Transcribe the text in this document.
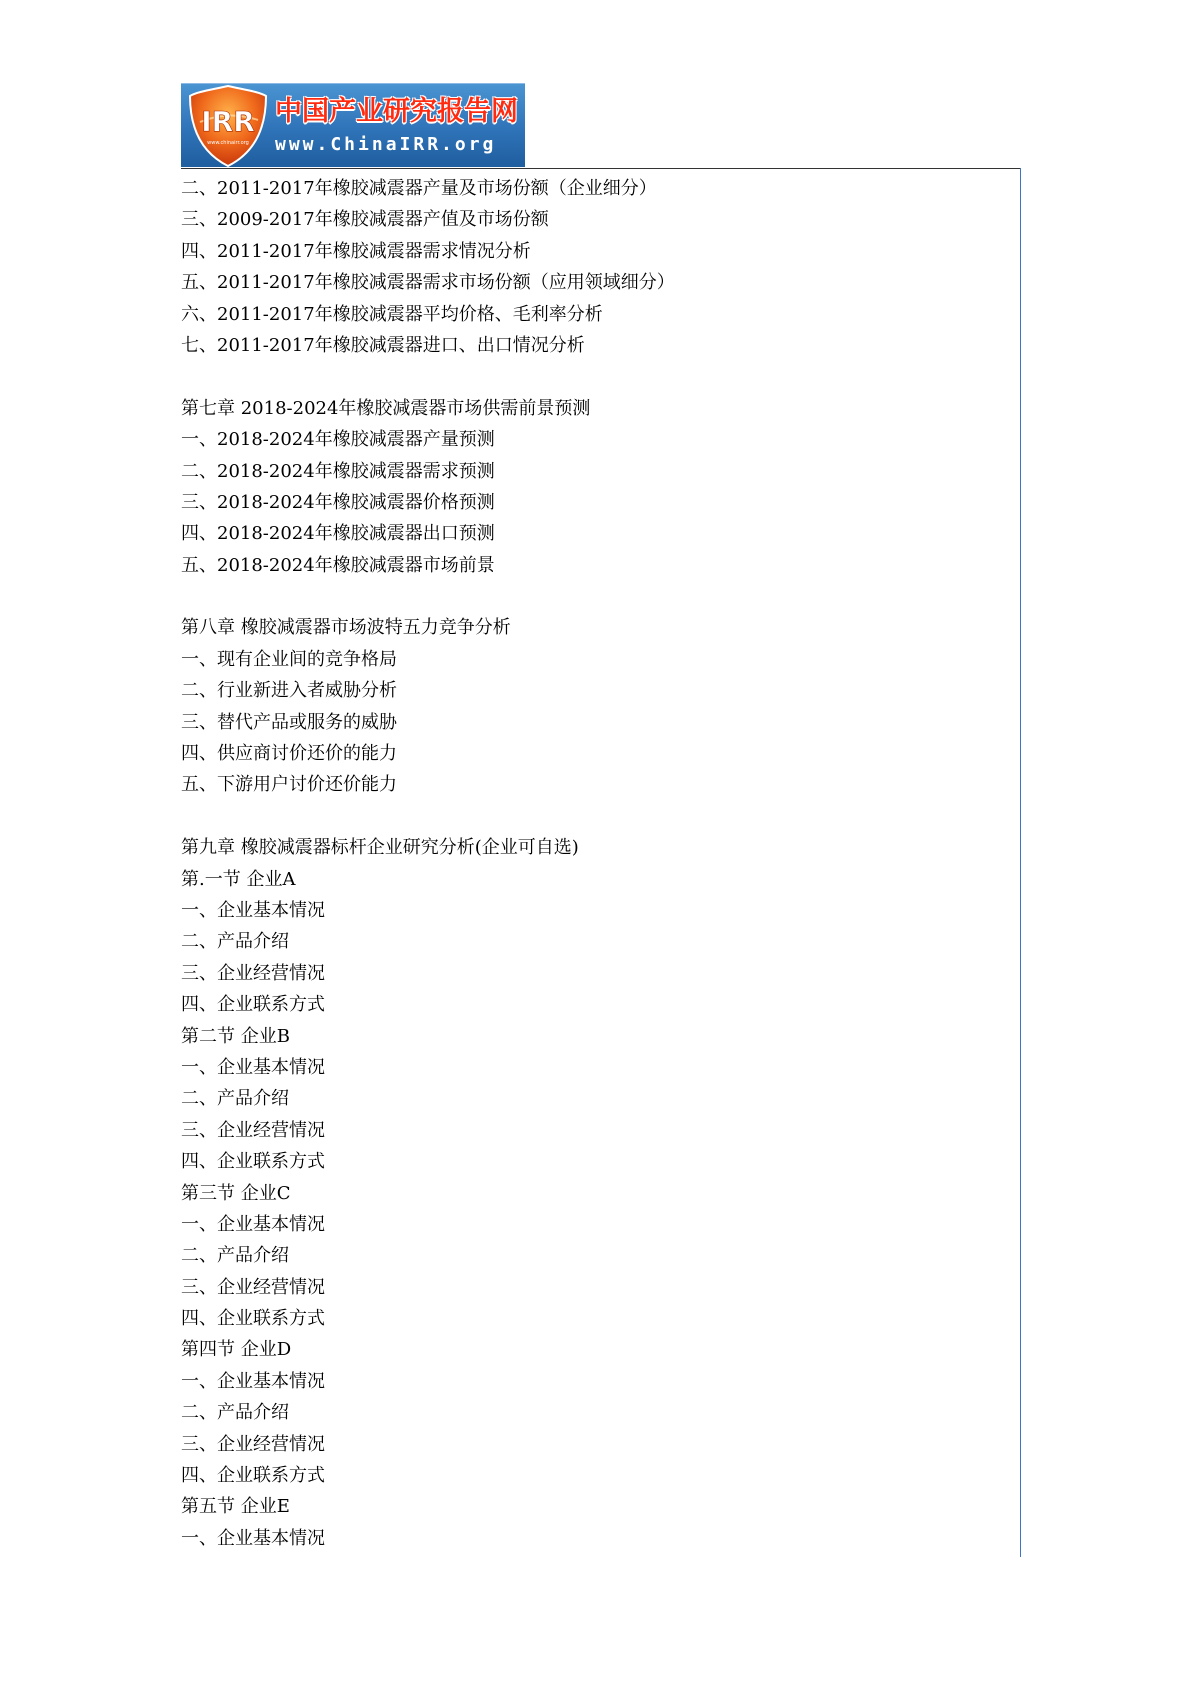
IRR
www.chinairr.org
中国产业研究报告网
www.ChinaIRR.org
二、2011-2017年橡胶减震器产量及市场份额（企业细分）
三、2009-2017年橡胶减震器产值及市场份额
四、2011-2017年橡胶减震器需求情况分析
五、2011-2017年橡胶减震器需求市场份额（应用领域细分）
六、2011-2017年橡胶减震器平均价格、毛利率分析
七、2011-2017年橡胶减震器进口、出口情况分析
第七章 2018-2024年橡胶减震器市场供需前景预测
一、2018-2024年橡胶减震器产量预测
二、2018-2024年橡胶减震器需求预测
三、2018-2024年橡胶减震器价格预测
四、2018-2024年橡胶减震器出口预测
五、2018-2024年橡胶减震器市场前景
第八章 橡胶减震器市场波特五力竞争分析
一、现有企业间的竞争格局
二、行业新进入者威胁分析
三、替代产品或服务的威胁
四、供应商讨价还价的能力
五、下游用户讨价还价能力
第九章 橡胶减震器标杆企业研究分析(企业可自选)
第.一节 企业A
一、企业基本情况
二、产品介绍
三、企业经营情况
四、企业联系方式
第二节 企业B
一、企业基本情况
二、产品介绍
三、企业经营情况
四、企业联系方式
第三节 企业C
一、企业基本情况
二、产品介绍
三、企业经营情况
四、企业联系方式
第四节 企业D
一、企业基本情况
二、产品介绍
三、企业经营情况
四、企业联系方式
第五节 企业E
一、企业基本情况
